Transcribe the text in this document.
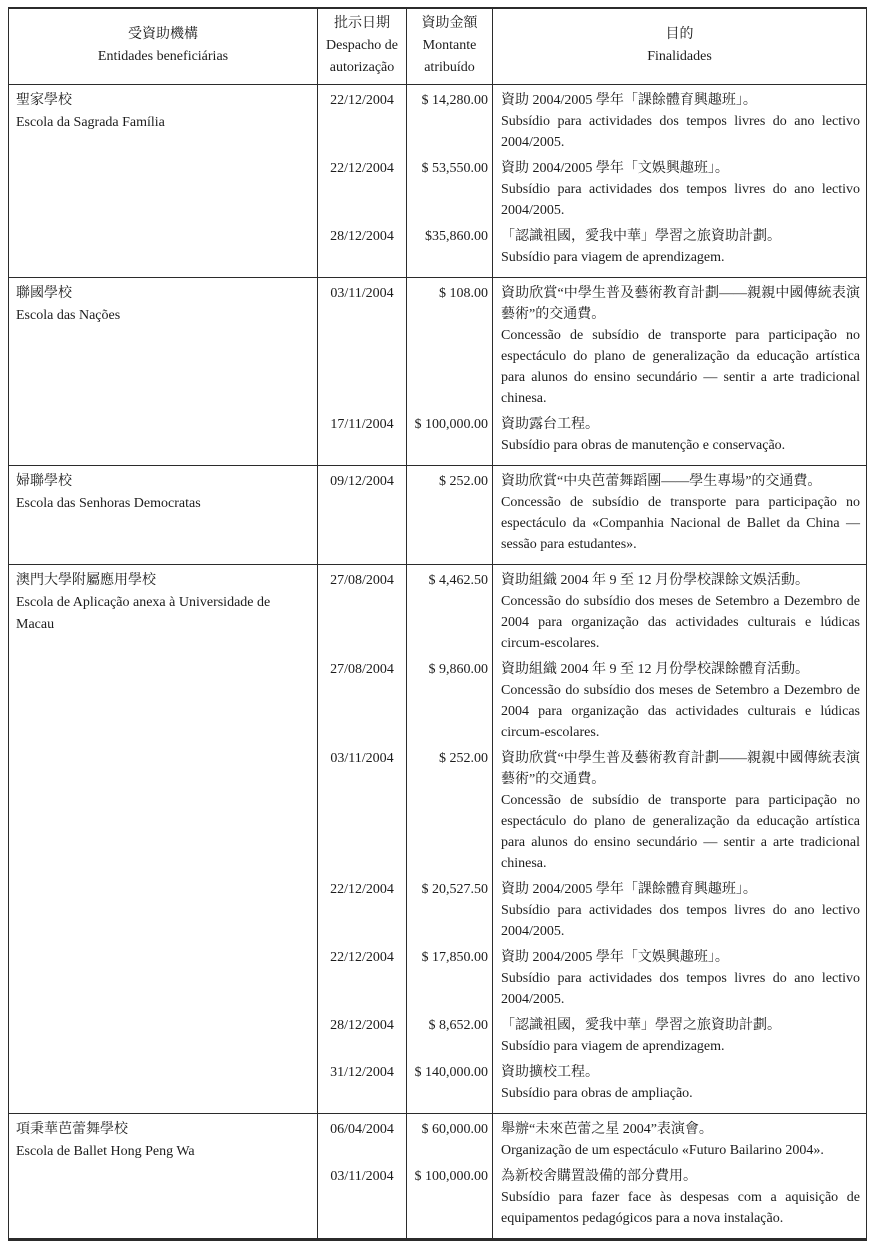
受資助機構
Entidades beneficiárias

批示日期
Despacho de
autorização

資助金額
Montante
atribuído

目的
Finalidades

聖家學校
Escola da Sagrada Família
	22/12/2004	$ 14,280.00	資助 2004/2005 學年「課餘體育興趣班」。

Subsídio para actividades dos tempos livres do ano lectivo 2004/2005.

	22/12/2004	$ 53,550.00	資助 2004/2005 學年「文娛興趣班」。

Subsídio para actividades dos tempos livres do ano lectivo 2004/2005.

	28/12/2004	$35,860.00	「認識祖國，愛我中華」學習之旅資助計劃。

Subsídio para viagem de aprendizagem.

聯國學校
Escola das Nações
	03/11/2004	$ 108.00	資助欣賞“中學生普及藝術教育計劃——親親中國傳統表演藝術”的交通費。

Concessão de subsídio de transporte para participação no espectáculo do plano de generalização da educação artística para alunos do ensino secundário — sentir a arte tradicional chinesa.

	17/11/2004	$ 100,000.00	資助露台工程。

Subsídio para obras de manutenção e conservação.

婦聯學校
Escola das Senhoras Democratas
	09/12/2004	$ 252.00	資助欣賞“中央芭蕾舞蹈團——學生專場”的交通費。

Concessão de subsídio de transporte para participação no espectáculo da «Companhia Nacional de Ballet da China — sessão para estudantes».

澳門大學附屬應用學校
Escola de Aplicação anexa à Universidade de Macau
	27/08/2004	$ 4,462.50	資助組織 2004 年 9 至 12 月份學校課餘文娛活動。

Concessão do subsídio dos meses de Setembro a Dezembro de 2004 para organização das actividades culturais e lúdicas circum-escolares.

	27/08/2004	$ 9,860.00	資助組織 2004 年 9 至 12 月份學校課餘體育活動。

Concessão do subsídio dos meses de Setembro a Dezembro de 2004 para organização das actividades culturais e lúdicas circum-escolares.

	03/11/2004	$ 252.00	資助欣賞“中學生普及藝術教育計劃——親親中國傳統表演藝術”的交通費。

Concessão de subsídio de transporte para participação no espectáculo do plano de generalização da educação artística para alunos do ensino secundário — sentir a arte tradicional chinesa.

	22/12/2004	$ 20,527.50	資助 2004/2005 學年「課餘體育興趣班」。

Subsídio para actividades dos tempos livres do ano lectivo 2004/2005.

	22/12/2004	$ 17,850.00	資助 2004/2005 學年「文娛興趣班」。

Subsídio para actividades dos tempos livres do ano lectivo 2004/2005.

	28/12/2004	$ 8,652.00	「認識祖國，愛我中華」學習之旅資助計劃。

Subsídio para viagem de aprendizagem.

	31/12/2004	$ 140,000.00	資助擴校工程。

Subsídio para obras de ampliação.

項秉華芭蕾舞學校
Escola de Ballet Hong Peng Wa
	06/04/2004	$ 60,000.00	舉辦“未來芭蕾之星 2004”表演會。

Organização de um espectáculo «Futuro Bailarino 2004».

	03/11/2004	$ 100,000.00	為新校舍購置設備的部分費用。

Subsídio para fazer face às despesas com a aquisição de equipamentos pedagógicos para a nova instalação.
